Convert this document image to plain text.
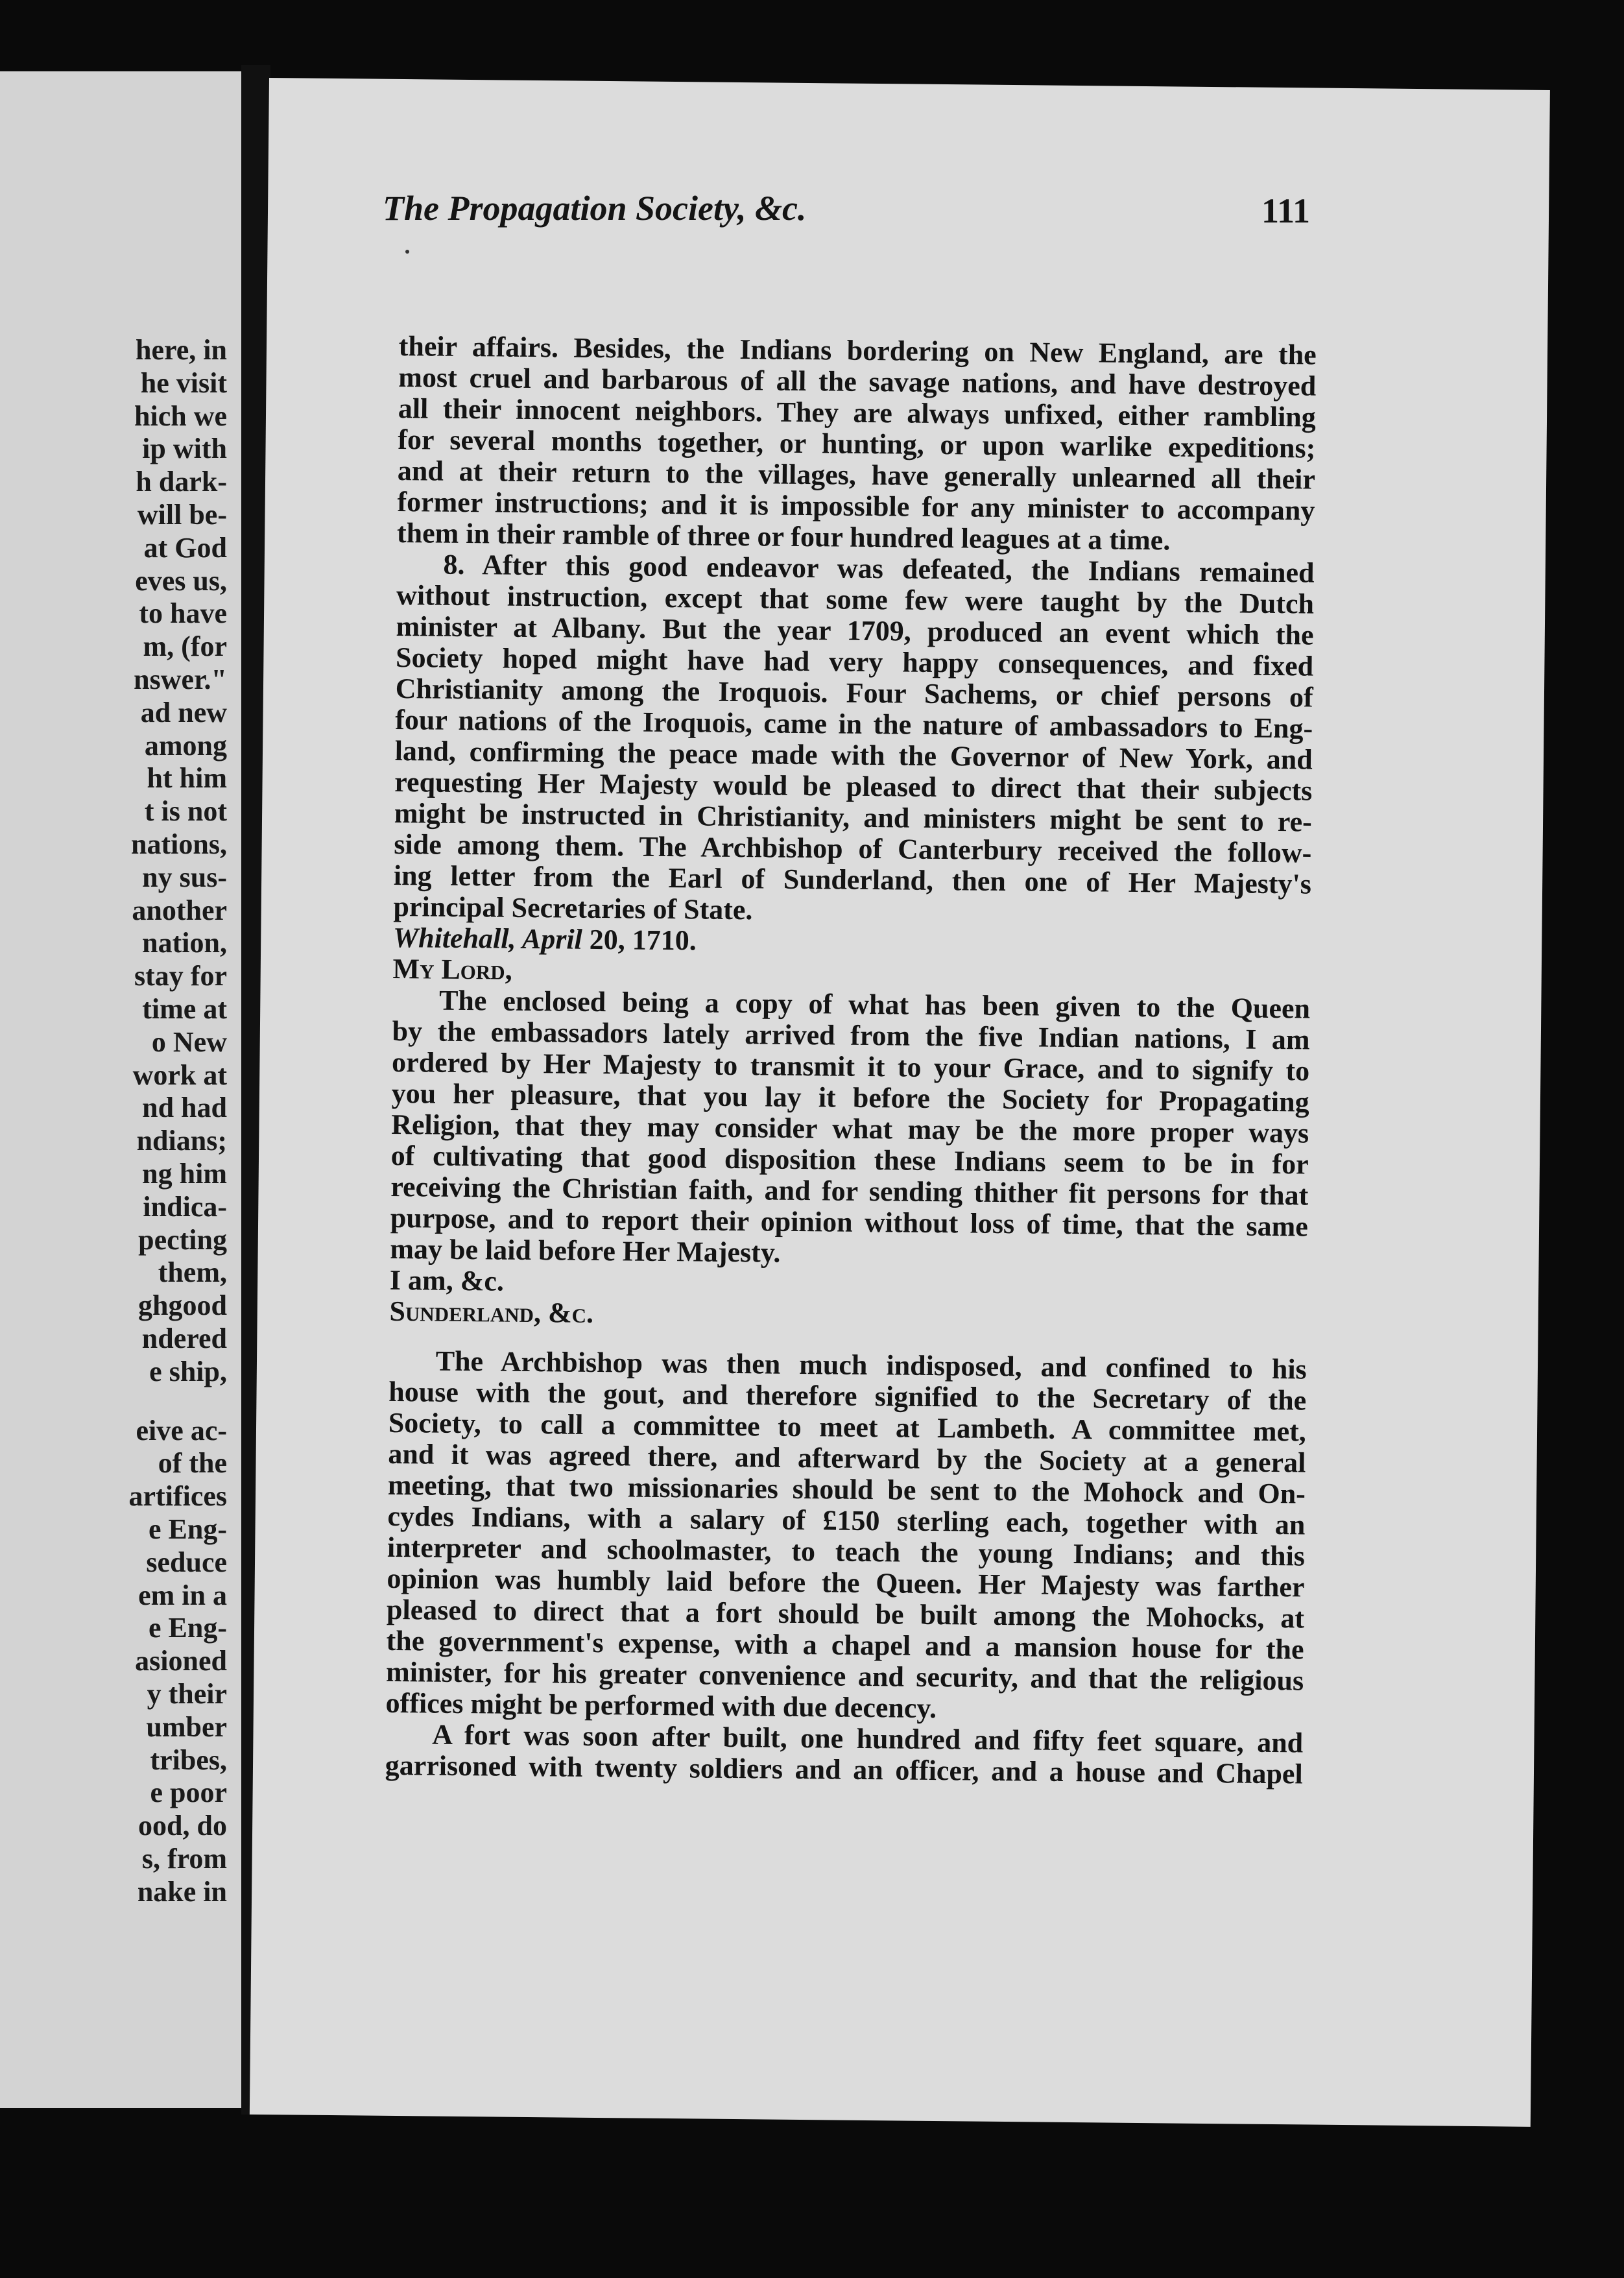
here, in
he visit
hich we
ip with
h dark-
will be-
at God
eves us,
to have
m, (for
nswer."
ad new
among
ht him
t is not
nations,
ny sus-
another
nation,
stay for
time at
o New
work at
nd had
ndians;
ng him
indica-
pecting
them,
ghgood
ndered
e ship,
eive ac-
of the
artifices
e Eng-
seduce
em in a
e Eng-
asioned
y their
umber
tribes,
e poor
ood, do
s, from
nake in
The Propagation Society, &c.	111

their affairs. Besides, the Indians bordering on New England, are the

most cruel and barbarous of all the savage nations, and have destroyed

all their innocent neighbors. They are always unfixed, either rambling

for several months together, or hunting, or upon warlike expeditions;

and at their return to the villages, have generally unlearned all their

former instructions; and it is impossible for any minister to accompany

them in their ramble of three or four hundred leagues at a time.

8. After this good endeavor was defeated, the Indians remained

without instruction, except that some few were taught by the Dutch

minister at Albany. But the year 1709, produced an event which the

Society hoped might have had very happy consequences, and fixed

Christianity among the Iroquois. Four Sachems, or chief persons of

four nations of the Iroquois, came in the nature of ambassadors to Eng-

land, confirming the peace made with the Governor of New York, and

requesting Her Majesty would be pleased to direct that their subjects

might be instructed in Christianity, and ministers might be sent to re-

side among them. The Archbishop of Canterbury received the follow-

ing letter from the Earl of Sunderland, then one of Her Majesty's

principal Secretaries of State.

Whitehall, April 20, 1710.

My Lord,

The enclosed being a copy of what has been given to the Queen

by the embassadors lately arrived from the five Indian nations, I am

ordered by Her Majesty to transmit it to your Grace, and to signify to

you her pleasure, that you lay it before the Society for Propagating

Religion, that they may consider what may be the more proper ways

of cultivating that good disposition these Indians seem to be in for

receiving the Christian faith, and for sending thither fit persons for that

purpose, and to report their opinion without loss of time, that the same

may be laid before Her Majesty.

I am, &c.

Sunderland, &c.

The Archbishop was then much indisposed, and confined to his

house with the gout, and therefore signified to the Secretary of the

Society, to call a committee to meet at Lambeth. A committee met,

and it was agreed there, and afterward by the Society at a general

meeting, that two missionaries should be sent to the Mohock and On-

cydes Indians, with a salary of £150 sterling each, together with an

interpreter and schoolmaster, to teach the young Indians; and this

opinion was humbly laid before the Queen. Her Majesty was farther

pleased to direct that a fort should be built among the Mohocks, at

the government's expense, with a chapel and a mansion house for the

minister, for his greater convenience and security, and that the religious

offices might be performed with due decency.

A fort was soon after built, one hundred and fifty feet square, and

garrisoned with twenty soldiers and an officer, and a house and Chapel
